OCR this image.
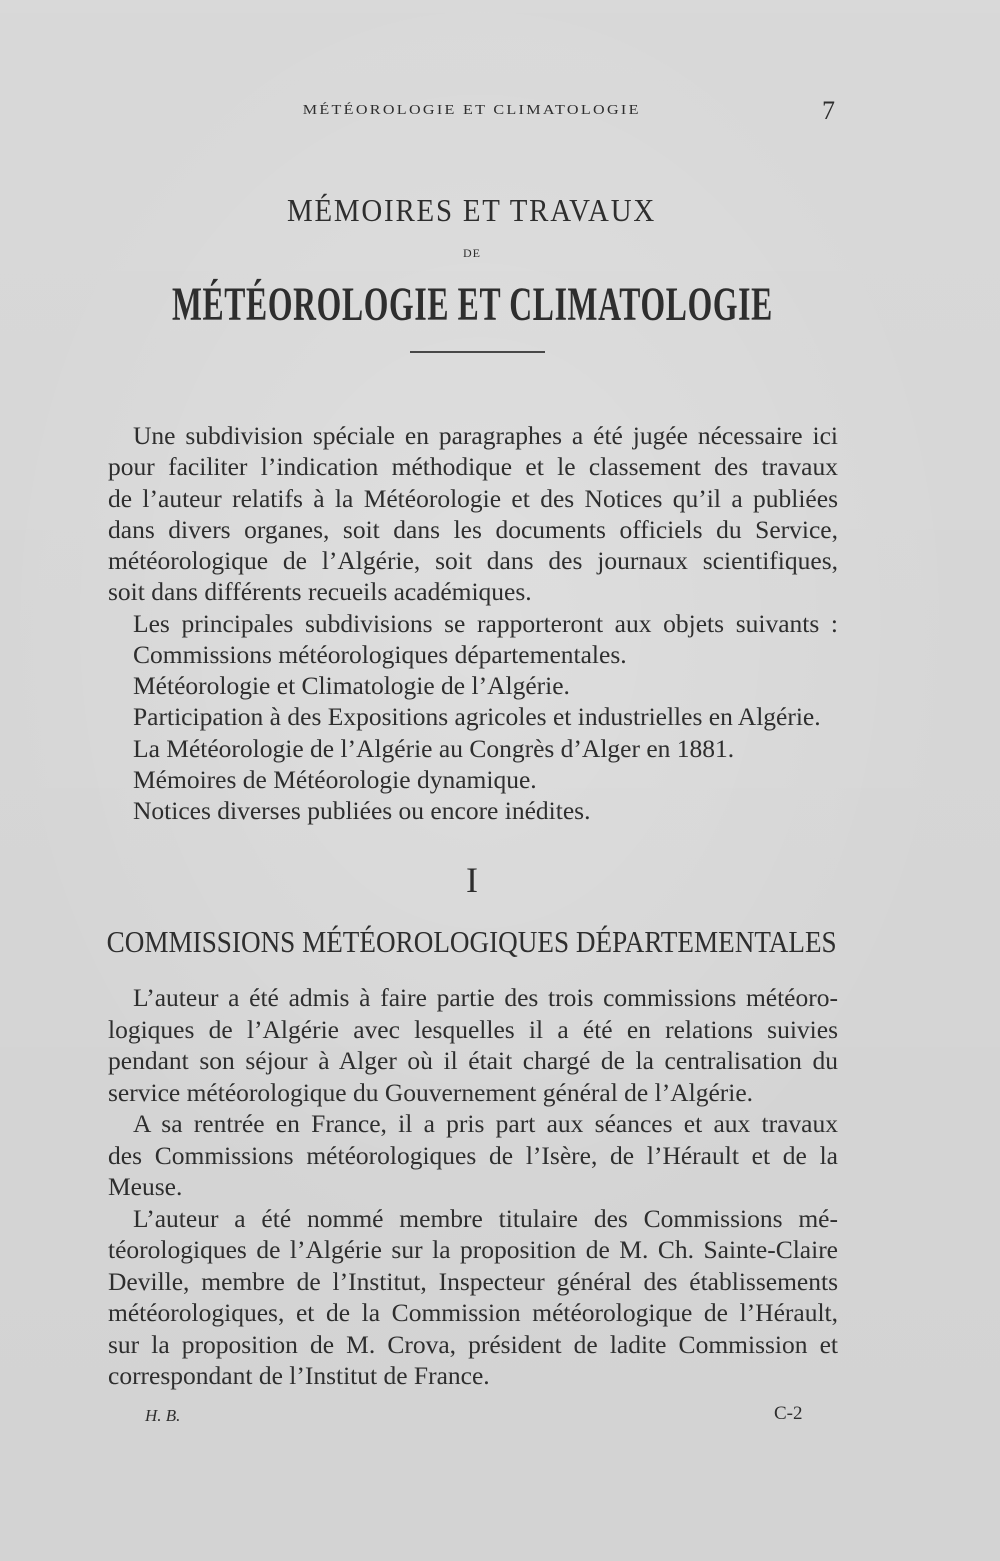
MÉTÉOROLOGIE ET CLIMATOLOGIE	7
MÉMOIRES ET TRAVAUX
DE
MÉTÉOROLOGIE ET CLIMATOLOGIE
Une subdivision spéciale en paragraphes a été jugée nécessaire ici
pour faciliter l’indication méthodique et le classement des travaux
de l’auteur relatifs à la Météorologie et des Notices qu’il a publiées
dans divers organes, soit dans les documents officiels du Service,
météorologique de l’Algérie, soit dans des journaux scientifiques,
soit dans différents recueils académiques.
Les principales subdivisions se rapporteront aux objets suivants :
Commissions météorologiques départementales.
Météorologie et Climatologie de l’Algérie.
Participation à des Expositions agricoles et industrielles en Algérie.
La Météorologie de l’Algérie au Congrès d’Alger en 1881.
Mémoires de Météorologie dynamique.
Notices diverses publiées ou encore inédites.
I
COMMISSIONS MÉTÉOROLOGIQUES DÉPARTEMENTALES
L’auteur a été admis à faire partie des trois commissions météoro-
logiques de l’Algérie avec lesquelles il a été en relations suivies
pendant son séjour à Alger où il était chargé de la centralisation du
service météorologique du Gouvernement général de l’Algérie.
A sa rentrée en France, il a pris part aux séances et aux travaux
des Commissions météorologiques de l’Isère, de l’Hérault et de la
Meuse.
L’auteur a été nommé membre titulaire des Commissions mé-
téorologiques de l’Algérie sur la proposition de M. Ch. Sainte-Claire
Deville, membre de l’Institut, Inspecteur général des établissements
météorologiques, et de la Commission météorologique de l’Hérault,
sur la proposition de M. Crova, président de ladite Commission et
correspondant de l’Institut de France.
H. B.	C-2
